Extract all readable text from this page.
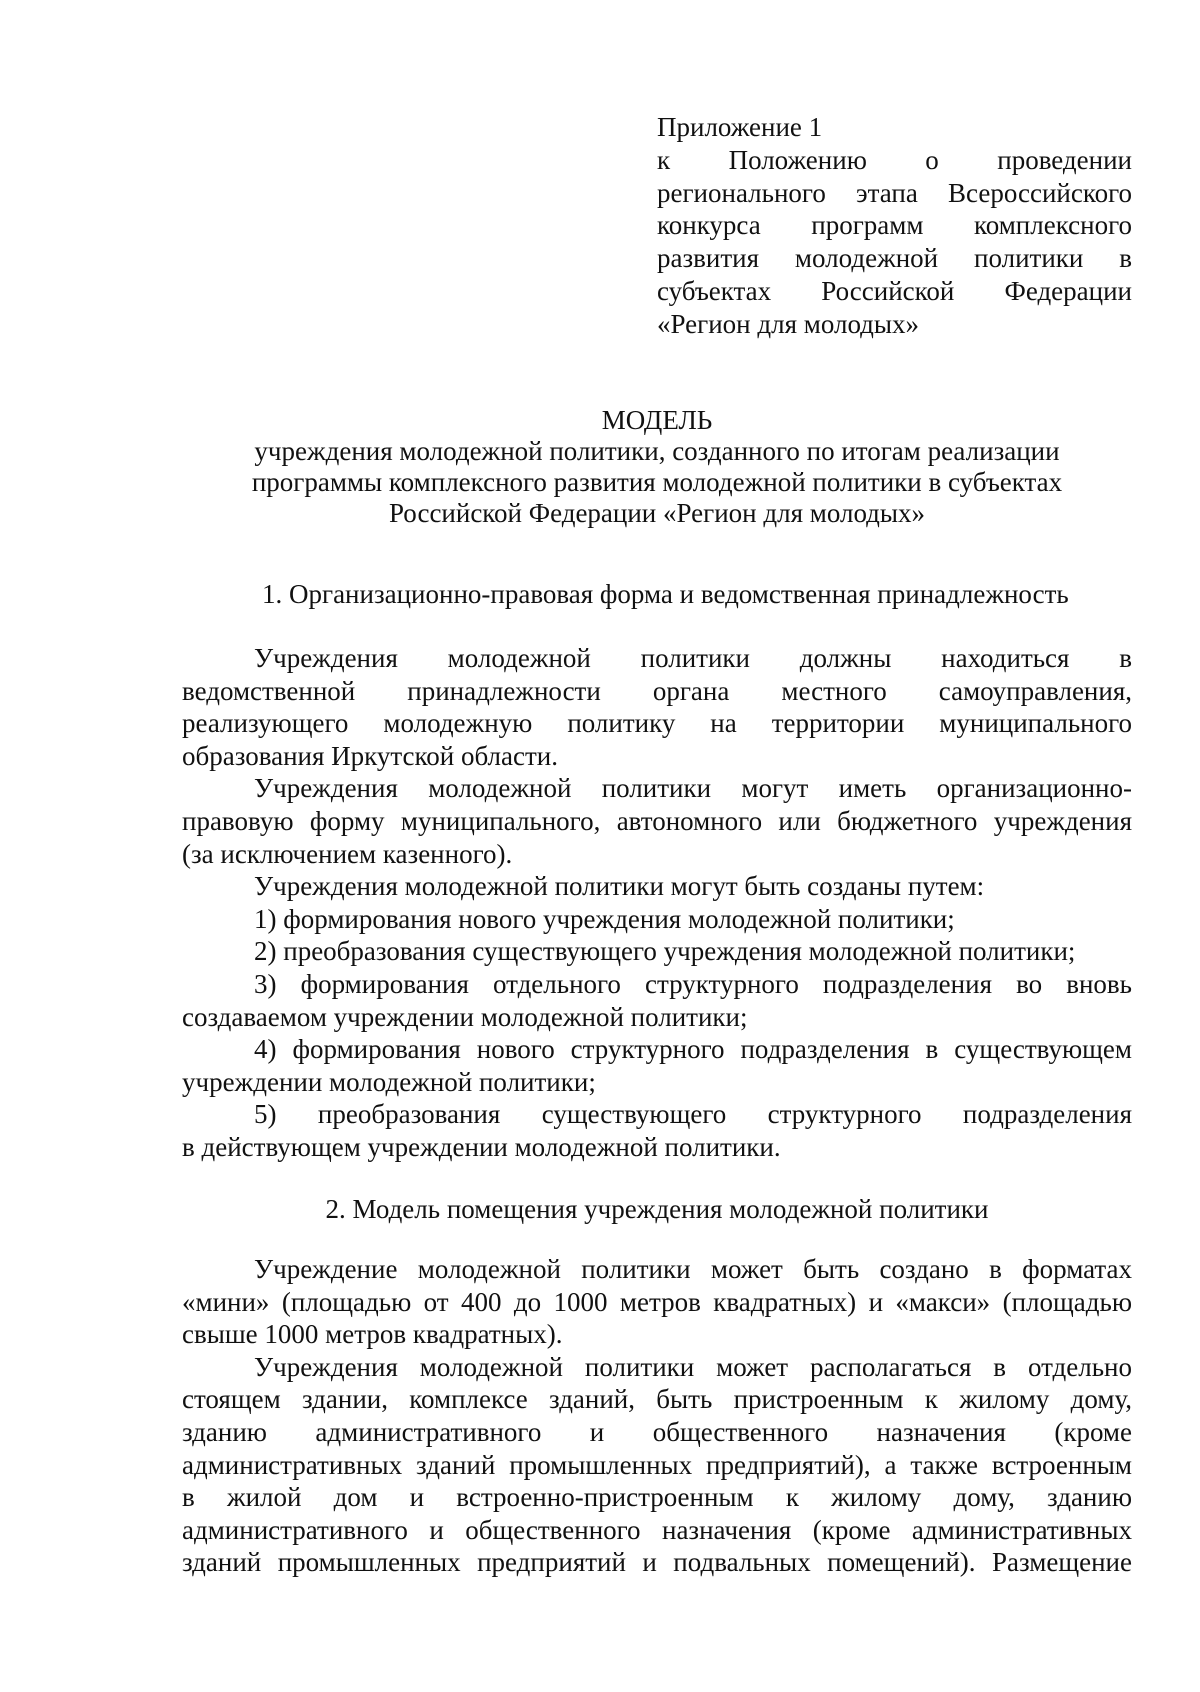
Приложение 1
к Положению о проведении
регионального этапа Всероссийского
конкурса программ комплексного
развития молодежной политики в
субъектах Российской Федерации
«Регион для молодых»
МОДЕЛЬ
учреждения молодежной политики, созданного по итогам реализации
программы комплексного развития молодежной политики в субъектах
Российской Федерации «Регион для молодых»
1. Организационно-правовая форма и ведомственная принадлежность
Учреждения молодежной политики должны находиться в
ведомственной принадлежности органа местного самоуправления,
реализующего молодежную политику на территории муниципального
образования Иркутской области.
Учреждения молодежной политики могут иметь организационно-
правовую форму муниципального, автономного или бюджетного учреждения
(за исключением казенного).
Учреждения молодежной политики могут быть созданы путем:
1) формирования нового учреждения молодежной политики;
2) преобразования существующего учреждения молодежной политики;
3) формирования отдельного структурного подразделения во вновь
создаваемом учреждении молодежной политики;
4) формирования нового структурного подразделения в существующем
учреждении молодежной политики;
5) преобразования существующего структурного подразделения
в действующем учреждении молодежной политики.
2. Модель помещения учреждения молодежной политики
Учреждение молодежной политики может быть создано в форматах
«мини» (площадью от 400 до 1000 метров квадратных) и «макси» (площадью
свыше 1000 метров квадратных).
Учреждения молодежной политики может располагаться в отдельно
стоящем здании, комплексе зданий, быть пристроенным к жилому дому,
зданию административного и общественного назначения (кроме
административных зданий промышленных предприятий), а также встроенным
в жилой дом и встроенно-пристроенным к жилому дому, зданию
административного и общественного назначения (кроме административных
зданий промышленных предприятий и подвальных помещений). Размещение
